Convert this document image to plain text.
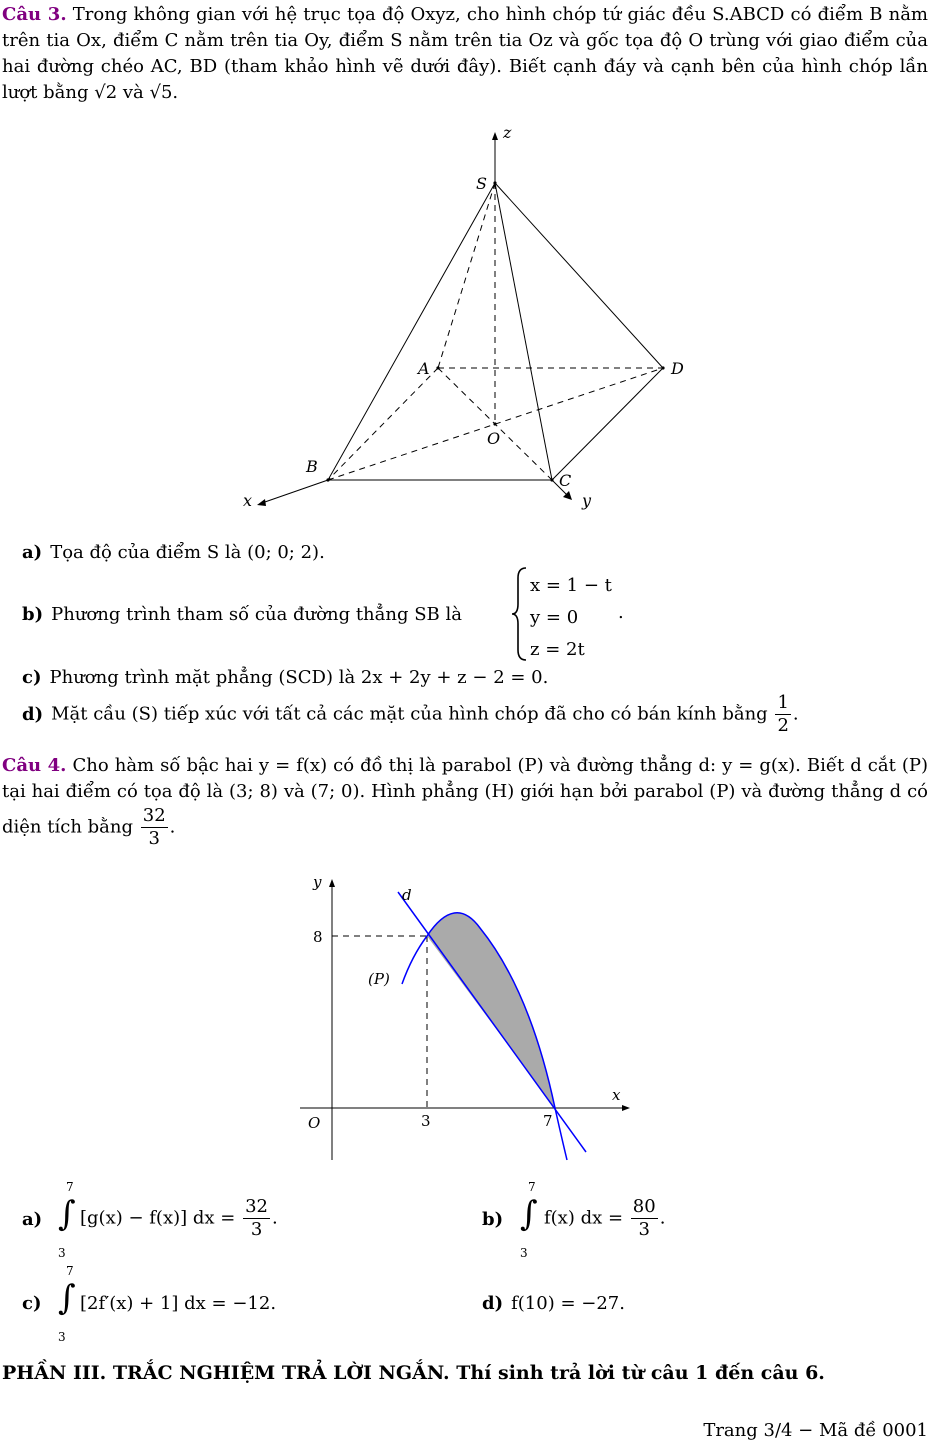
Câu 3. Trong không gian với hệ trục tọa độ Oxyz, cho hình chóp tứ giác đều S.ABCD có điểm B nằm trên tia Ox, điểm C nằm trên tia Oy, điểm S nằm trên tia Oz và gốc tọa độ O trùng với giao điểm của hai đường chéo AC, BD (tham khảo hình vẽ dưới đây). Biết cạnh đáy và cạnh bên của hình chóp lần lượt bằng √2 và √5.
z
S
A	D
O
B
C
x	y
a) Tọa độ của điểm S là (0; 0; 2).
b) Phương trình tham số của đường thẳng SB là
x = 1 − t
y = 0
z = 2t
.
c) Phương trình mặt phẳng (SCD) là 2x + 2y + z − 2 = 0.
d) Mặt cầu (S) tiếp xúc với tất cả các mặt của hình chóp đã cho có bán kính bằng $\frac{1}{2}$ .
Câu 4. Cho hàm số bậc hai y = f(x) có đồ thị là parabol (P) và đường thẳng d: y = g(x). Biết d cắt (P) tại hai điểm có tọa độ là (3; 8) và (7; 0). Hình phẳng (H) giới hạn bởi parabol (P) và đường thẳng d có diện tích bằng $\frac{32}{3}$ .
y
x
O
8
3	7
d
(P)
a)
7
∫
3
[g(x) − f(x)] dx = $\frac{32}{3}$ .	b)
7
∫
3
f(x) dx = $\frac{80}{3}$ .
c)
7
∫
3
[2f′(x) + 1] dx = −12.	d) f(10) = −27.
PHẦN III. TRẮC NGHIỆM TRẢ LỜI NGẮN. Thí sinh trả lời từ câu 1 đến câu 6.
Trang 3/4 − Mã đề 0001
